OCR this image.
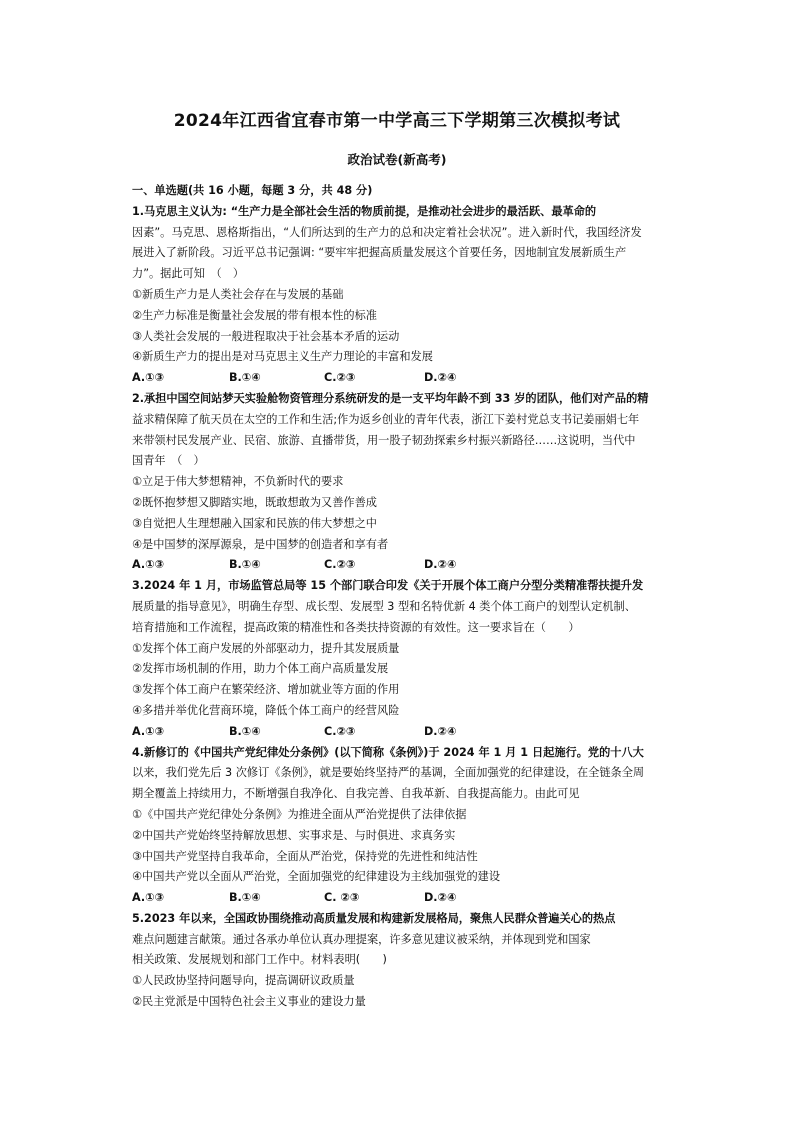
2024年江西省宜春市第一中学高三下学期第三次模拟考试
政治试卷(新高考)
一、单选题(共 16 小题，每题 3 分，共 48 分)
1.马克思主义认为: “生产力是全部社会生活的物质前提，是推动社会进步的最活跃、最革命的
因素”。马克思、恩格斯指出，“人们所达到的生产力的总和决定着社会状况”。进入新时代，我国经济发
展进入了新阶段。习近平总书记强调: “要牢牢把握高质量发展这个首要任务，因地制宜发展新质生产
力”。据此可知　（　）
①新质生产力是人类社会存在与发展的基础
②生产力标准是衡量社会发展的带有根本性的标准
③人类社会发展的一般进程取决于社会基本矛盾的运动
④新质生产力的提出是对马克思主义生产力理论的丰富和发展
A.①③	B.①④	C.②③	D.②④
2.承担中国空间站梦天实验舱物资管理分系统研发的是一支平均年龄不到 33 岁的团队，他们对产品的精
益求精保障了航天员在太空的工作和生活;作为返乡创业的青年代表，浙江下姜村党总支书记姜丽娟七年
来带领村民发展产业、民宿、旅游、直播带货，用一股子韧劲探索乡村振兴新路径……这说明，当代中
国青年　（　）
①立足于伟大梦想精神，不负新时代的要求
②既怀抱梦想又脚踏实地，既敢想敢为又善作善成
③自觉把人生理想融入国家和民族的伟大梦想之中
④是中国梦的深厚源泉，是中国梦的创造者和享有者
A.①③	B.①④	C.②③	D.②④
3.2024 年 1 月，市场监管总局等 15 个部门联合印发《关于开展个体工商户分型分类精准帮扶提升发
展质量的指导意见》，明确生存型、成长型、发展型 3 型和名特优新 4 类个体工商户的划型认定机制、
培育措施和工作流程，提高政策的精准性和各类扶持资源的有效性。这一要求旨在（　　）
①发挥个体工商户发展的外部驱动力，提升其发展质量
②发挥市场机制的作用，助力个体工商户高质量发展
③发挥个体工商户在繁荣经济、增加就业等方面的作用
④多措并举优化营商环境，降低个体工商户的经营风险
A.①③	B.①④	C.②③	D.②④
4.新修订的《中国共产党纪律处分条例》(以下简称《条例》)于 2024 年 1 月 1 日起施行。党的十八大
以来，我们党先后 3 次修订《条例》，就是要始终坚持严的基调，全面加强党的纪律建设，在全链条全周
期全覆盖上持续用力，不断增强自我净化、自我完善、自我革新、自我提高能力。由此可见
①《中国共产党纪律处分条例》为推进全面从严治党提供了法律依据
②中国共产党始终坚持解放思想、实事求是、与时俱进、求真务实
③中国共产党坚持自我革命，全面从严治党，保持党的先进性和纯洁性
④中国共产党以全面从严治党，全面加强党的纪律建设为主线加强党的建设
A.①③	B.①④	C. ②③	D.②④
5.2023 年以来，全国政协围绕推动高质量发展和构建新发展格局，聚焦人民群众普遍关心的热点
难点问题建言献策。通过各承办单位认真办理提案，许多意见建议被采纳，并体现到党和国家
相关政策、发展规划和部门工作中。材料表明(　　)
①人民政协坚持问题导向，提高调研议政质量
②民主党派是中国特色社会主义事业的建设力量
